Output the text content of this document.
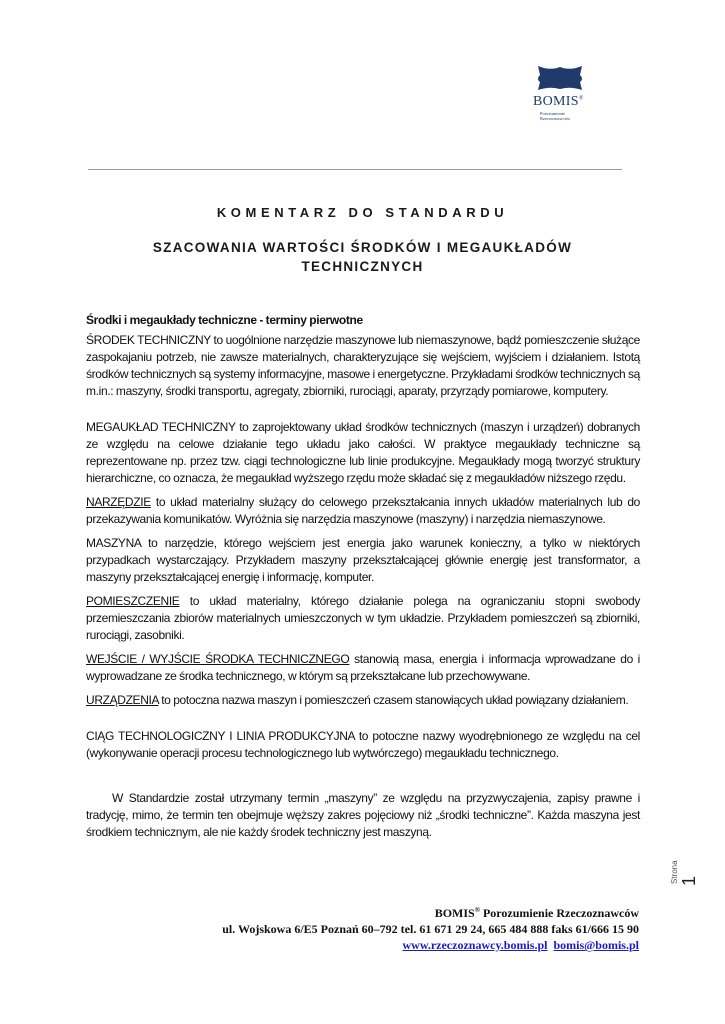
BOMIS®
Porozumienie
Rzeczoznawców
KOMENTARZ DO STANDARDU
SZACOWANIA WARTOŚCI ŚRODKÓW I MEGAUKŁADÓW TECHNICZNYCH

Środki i megaukłady techniczne - terminy pierwotne

ŚRODEK TECHNICZNY to uogólnione narzędzie maszynowe lub niemaszynowe, bądź pomieszczenie służące zaspokajaniu potrzeb, nie zawsze materialnych, charakteryzujące się wejściem, wyjściem i działaniem. Istotą środków technicznych są systemy informacyjne, masowe i energetyczne. Przykładami środków technicznych są m.in.: maszyny, środki transportu, agregaty, zbiorniki, rurociągi, aparaty, przyrządy pomiarowe, komputery.

MEGAUKŁAD TECHNICZNY to zaprojektowany układ środków technicznych (maszyn i urządzeń) dobranych ze względu na celowe działanie tego układu jako całości. W praktyce megaukłady techniczne są reprezentowane np. przez tzw. ciągi technologiczne lub linie produkcyjne. Megaukłady mogą tworzyć struktury hierarchiczne, co oznacza, że megaukład wyższego rzędu może składać się z megaukładów niższego rzędu.

NARZĘDZIE to układ materialny służący do celowego przekształcania innych układów materialnych lub do przekazywania komunikatów. Wyróżnia się narzędzia maszynowe (maszyny) i narzędzia niemaszynowe.

MASZYNA to narzędzie, którego wejściem jest energia jako warunek konieczny, a tylko w niektórych przypadkach wystarczający. Przykładem maszyny przekształcającej głównie energię jest transformator, a maszyny przekształcającej energię i informację, komputer.

POMIESZCZENIE to układ materialny, którego działanie polega na ograniczaniu stopni swobody przemieszczania zbiorów materialnych umieszczonych w tym układzie. Przykładem pomieszczeń są zbiorniki, rurociągi, zasobniki.

WEJŚCIE / WYJŚCIE ŚRODKA TECHNICZNEGO stanowią masa, energia i informacja wprowadzane do i wyprowadzane ze środka technicznego, w którym są przekształcane lub przechowywane.

URZĄDZENIA to potoczna nazwa maszyn i pomieszczeń czasem stanowiących układ powiązany działaniem.

CIĄG TECHNOLOGICZNY I LINIA PRODUKCYJNA to potoczne nazwy wyodrębnionego ze względu na cel (wykonywanie operacji procesu technologicznego lub wytwórczego) megaukładu technicznego.

W Standardzie został utrzymany termin „maszyny” ze względu na przyzwyczajenia, zapisy prawne i tradycję, mimo, że termin ten obejmuje węższy zakres pojęciowy niż „środki techniczne”. Każda maszyna jest środkiem technicznym, ale nie każdy środek techniczny jest maszyną.

Strona 1
BOMIS® Porozumienie Rzeczoznawców
ul. Wojskowa 6/E5 Poznań 60–792 tel. 61 671 29 24, 665 484 888 faks 61/666 15 90
www.rzeczoznawcy.bomis.pl bomis@bomis.pl
